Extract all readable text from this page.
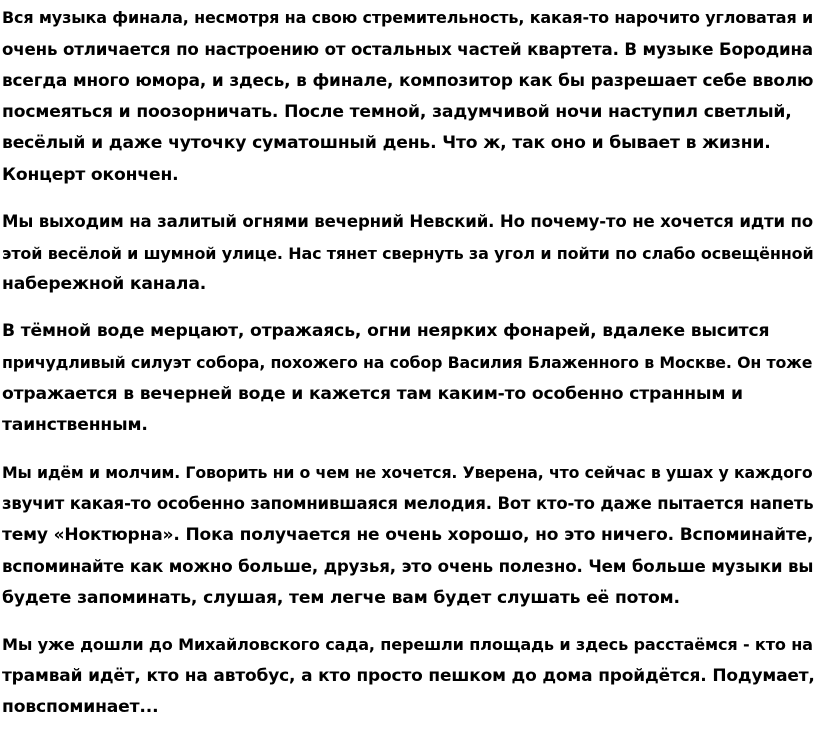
Вся музыка финала, несмотря на свою стремительность, какая-то нарочито угловатая и
очень отличается по настроению от остальных частей квартета. В музыке Бородина
всегда много юмора, и здесь, в финале, композитор как бы разрешает себе вволю
посмеяться и поозорничать. После темной, задумчивой ночи наступил светлый,
весёлый и даже чуточку суматошный день. Что ж, так оно и бывает в жизни.
Концерт окончен.

Мы выходим на залитый огнями вечерний Невский. Но почему-то не хочется идти по
этой весёлой и шумной улице. Нас тянет свернуть за угол и пойти по слабо освещённой
набережной канала.

В тёмной воде мерцают, отражаясь, огни неярких фонарей, вдалеке высится
причудливый силуэт собора, похожего на собор Василия Блаженного в Москве. Он тоже
отражается в вечерней воде и кажется там каким-то особенно странным и
таинственным.

Мы идём и молчим. Говорить ни о чем не хочется. Уверена, что сейчас в ушах у каждого
звучит какая-то особенно запомнившаяся мелодия. Вот кто-то даже пытается напеть
тему «Ноктюрна». Пока получается не очень хорошо, но это ничего. Вспоминайте,
вспоминайте как можно больше, друзья, это очень полезно. Чем больше музыки вы
будете запоминать, слушая, тем легче вам будет слушать её потом.

Мы уже дошли до Михайловского сада, перешли площадь и здесь расстаёмся - кто на
трамвай идёт, кто на автобус, а кто просто пешком до дома пройдётся. Подумает,
повспоминает...
